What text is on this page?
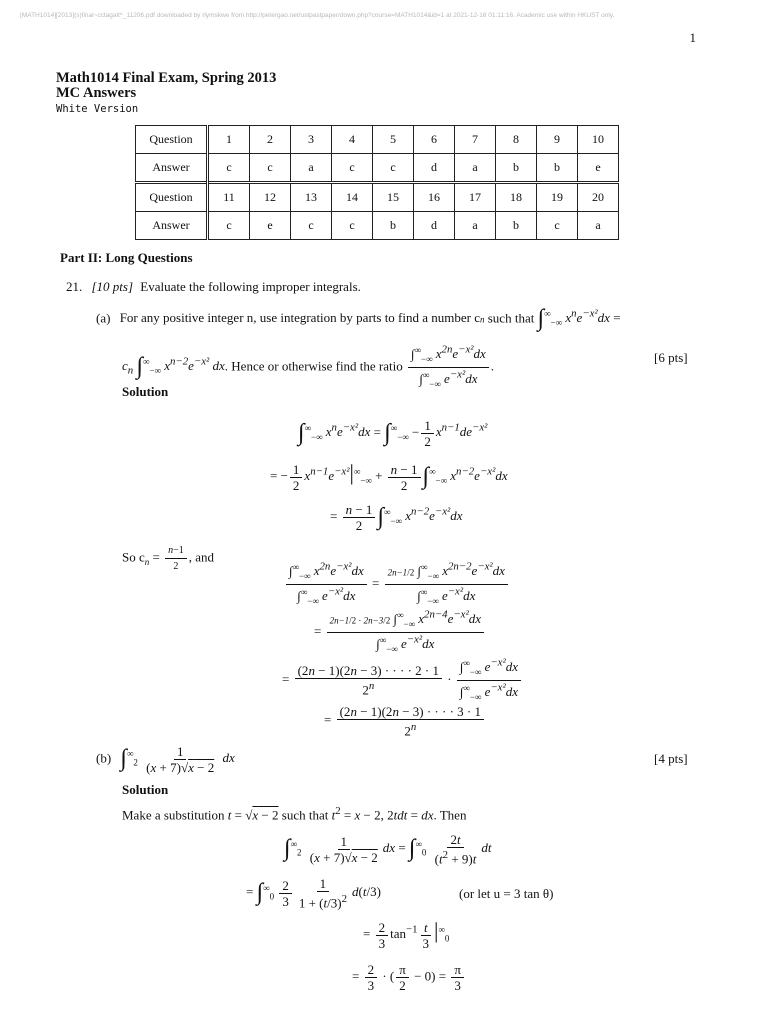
[MATH1014][2013](s)final~cctagalt^_11206.pdf downloaded by rlymskwe from http://petergao.net/ustpastpaper/down.php?course=MATH1014&id=1 at 2021-12-16 01:11:16. Academic use within HKUST only.
1
Math1014 Final Exam, Spring 2013
MC Answers
White Version
Question	1	2	3	4	5	6	7	8	9	10
Answer	c	c	a	c	c	d	a	b	b	e
Question	11	12	13	14	15	16	17	18	19	20
Answer	c	e	c	c	b	d	a	b	c	a
Part II: Long Questions
21. [10 pts] Evaluate the following improper integrals.
(a) For any positive integer n, use integration by parts to find a number cn such that $\int^\infty_{-\infty}$ $x^ne^{-x^2}dx$ =
$c_n$ $\int^\infty_{-\infty}$ $x^{n-2}e^{-x^2}$ dx. Hence or otherwise find the ratio $\frac{\int^\infty_{-\infty} x^{2n}e^{-x^2}dx}{\int^\infty_{-\infty} e^{-x^2}dx}$ .
[6 pts]
Solution
$\int^\infty_{-\infty}$ $x^ne^{-x^2}dx = \int^\infty_{-\infty} - \frac{1}{2} x^{n-1}de^{-x^2}$
= − $\frac{1}{2} x^{n-1}e^{-x^2}|^\infty_{-\infty} + \frac{n - 1}{2} \int^\infty_{-\infty}$ $x^{n-2}e^{-x^2}dx$
= $\frac{n - 1}{2} \int^\infty_{-\infty}$ $x^{n-2}e^{-x^2}dx$
So $c_n = \frac{n-1}{2}$ , and
$\frac{\int^\infty_{-\infty} x^{2n}e^{-x^2}dx}{\int^\infty_{-\infty} e^{-x^2}dx} = \frac{2n-1/2 \int^\infty_{-\infty} x^{2n-2}e^{-x^2}dx}{\int^\infty_{-\infty} e^{-x^2}dx}$
= $\frac{2n-1/2 \cdot 2n-3/2 \int^\infty_{-\infty} x^{2n-4}e^{-x^2}dx}{\int^\infty_{-\infty} e^{-x^2}dx}$
= $\frac{(2n - 1)(2n - 3) \cdot \cdot \cdot \cdot 2 \cdot 1}{2^n} \cdot \frac{\int^\infty_{-\infty} e^{-x^2}dx}{\int^\infty_{-\infty} e^{-x^2}dx}$
= $\frac{(2n - 1)(2n - 3) \cdot \cdot \cdot \cdot 3 \cdot 1}{2^n}$
(b) $\int^\infty_2 \frac{1}{(x + 7)√x - 2}$ dx	[4 pts]
Solution
Make a substitution t = √x − 2 such that $t^2 = x - 2$, 2tdt = dx. Then
$\int^\infty_2 \frac{1}{(x + 7)√x - 2}$ dx = $\int^\infty_0 \frac{2t}{(t^2 + 9)t}$ dt
= $\int^\infty_0 \frac{2}{3} \frac{1}{1 + (t/3)^2} d(t/3)$	(or let u = 3 tan θ)
= $\frac{2}{3} \tan^{-1} \frac{t}{3} |^\infty_0$
= $\frac{2}{3}$ · ( $\frac{\pi}{2} - 0) = \frac{\pi}{3}$
